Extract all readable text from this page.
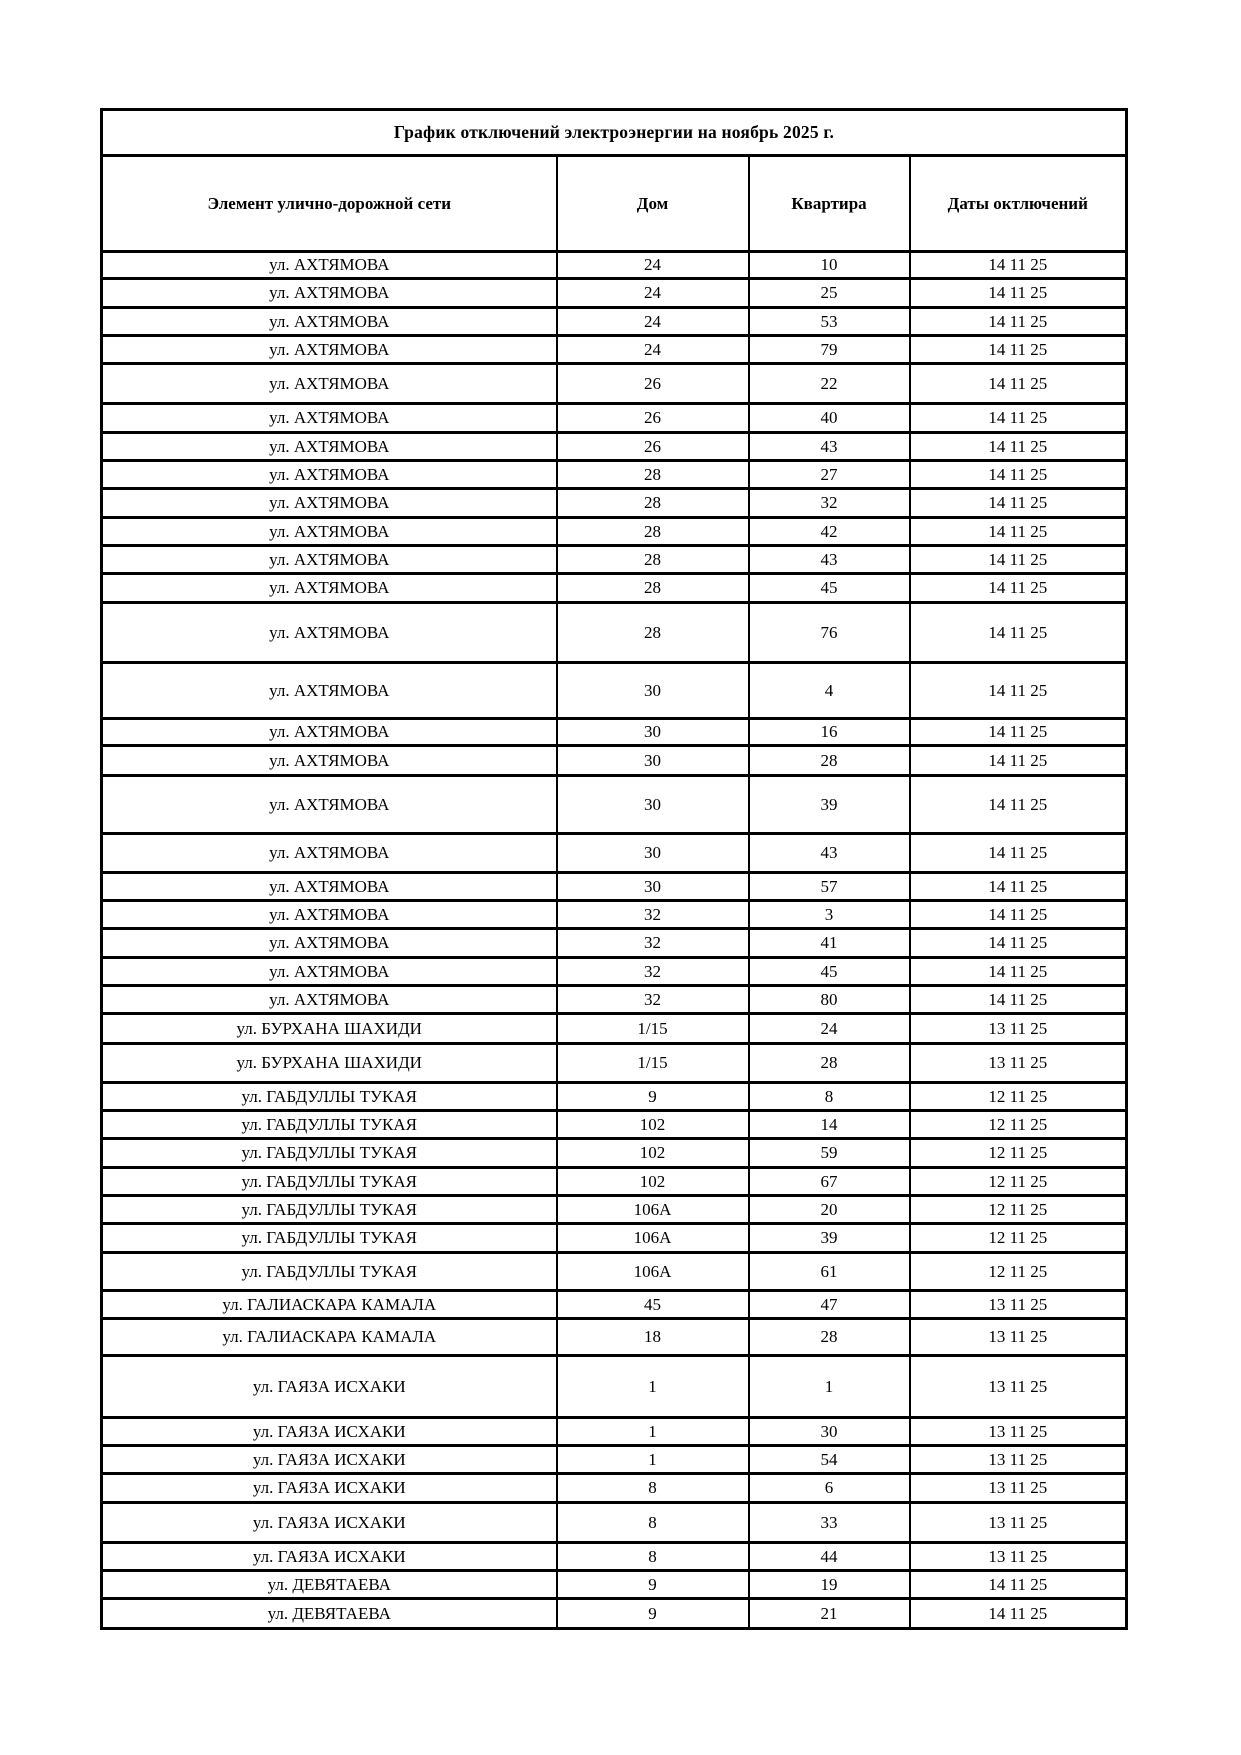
График отключений электроэнергии на ноябрь 2025 г.			
Элемент улично-дорожной сети	Дом	Квартира	Даты октлючений
ул. АХТЯМОВА	24	10	14 11 25
ул. АХТЯМОВА	24	25	14 11 25
ул. АХТЯМОВА	24	53	14 11 25
ул. АХТЯМОВА	24	79	14 11 25
ул. АХТЯМОВА	26	22	14 11 25
ул. АХТЯМОВА	26	40	14 11 25
ул. АХТЯМОВА	26	43	14 11 25
ул. АХТЯМОВА	28	27	14 11 25
ул. АХТЯМОВА	28	32	14 11 25
ул. АХТЯМОВА	28	42	14 11 25
ул. АХТЯМОВА	28	43	14 11 25
ул. АХТЯМОВА	28	45	14 11 25
ул. АХТЯМОВА	28	76	14 11 25
ул. АХТЯМОВА	30	4	14 11 25
ул. АХТЯМОВА	30	16	14 11 25
ул. АХТЯМОВА	30	28	14 11 25
ул. АХТЯМОВА	30	39	14 11 25
ул. АХТЯМОВА	30	43	14 11 25
ул. АХТЯМОВА	30	57	14 11 25
ул. АХТЯМОВА	32	3	14 11 25
ул. АХТЯМОВА	32	41	14 11 25
ул. АХТЯМОВА	32	45	14 11 25
ул. АХТЯМОВА	32	80	14 11 25
ул. БУРХАНА ШАХИДИ	1/15	24	13 11 25
ул. БУРХАНА ШАХИДИ	1/15	28	13 11 25
ул. ГАБДУЛЛЫ ТУКАЯ	9	8	12 11 25
ул. ГАБДУЛЛЫ ТУКАЯ	102	14	12 11 25
ул. ГАБДУЛЛЫ ТУКАЯ	102	59	12 11 25
ул. ГАБДУЛЛЫ ТУКАЯ	102	67	12 11 25
ул. ГАБДУЛЛЫ ТУКАЯ	106А	20	12 11 25
ул. ГАБДУЛЛЫ ТУКАЯ	106А	39	12 11 25
ул. ГАБДУЛЛЫ ТУКАЯ	106А	61	12 11 25
ул. ГАЛИАСКАРА КАМАЛА	45	47	13 11 25
ул. ГАЛИАСКАРА КАМАЛА	18	28	13 11 25
ул. ГАЯЗА ИСХАКИ	1	1	13 11 25
ул. ГАЯЗА ИСХАКИ	1	30	13 11 25
ул. ГАЯЗА ИСХАКИ	1	54	13 11 25
ул. ГАЯЗА ИСХАКИ	8	6	13 11 25
ул. ГАЯЗА ИСХАКИ	8	33	13 11 25
ул. ГАЯЗА ИСХАКИ	8	44	13 11 25
ул. ДЕВЯТАЕВА	9	19	14 11 25
ул. ДЕВЯТАЕВА	9	21	14 11 25
